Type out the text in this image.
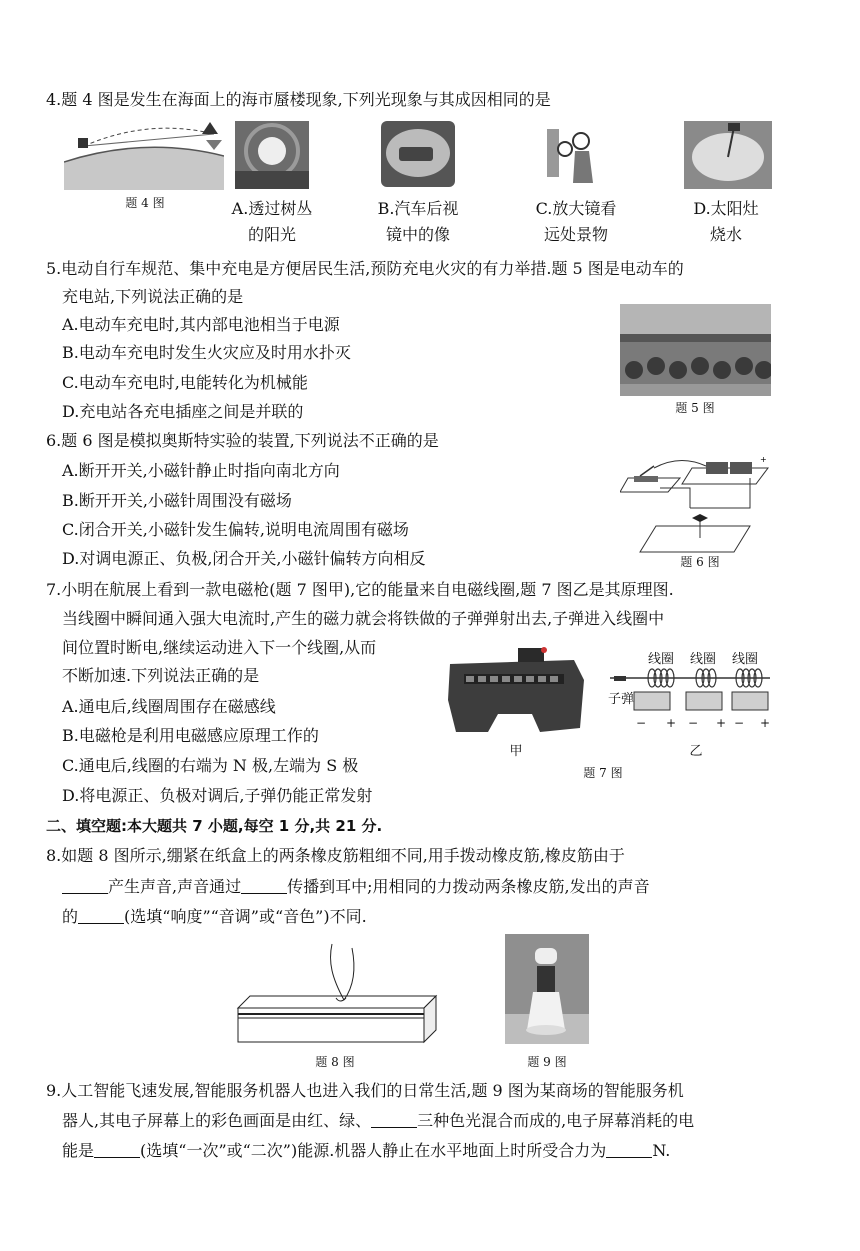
4.题 4 图是发生在海面上的海市蜃楼现象,下列光现象与其成因相同的是
题 4 图	A.透过树丛
的阳光
B.汽车后视
镜中的像
C.放大镜看
远处景物
D.太阳灶
烧水
5.电动自行车规范、集中充电是方便居民生活,预防充电火灾的有力举措.题 5 图是电动车的
充电站,下列说法正确的是
A.电动车充电时,其内部电池相当于电源
B.电动车充电时发生火灾应及时用水扑灭
C.电动车充电时,电能转化为机械能
D.充电站各充电插座之间是并联的	题 5 图
6.题 6 图是模拟奥斯特实验的装置,下列说法不正确的是
A.断开开关,小磁针静止时指向南北方向
B.断开开关,小磁针周围没有磁场
C.闭合开关,小磁针发生偏转,说明电流周围有磁场
D.对调电源正、负极,闭合开关,小磁针偏转方向相反
+
题 6 图
7.小明在航展上看到一款电磁枪(题 7 图甲),它的能量来自电磁线圈,题 7 图乙是其原理图.
当线圈中瞬间通入强大电流时,产生的磁力就会将铁做的子弹弹射出去,子弹进入线圈中
间位置时断电,继续运动进入下一个线圈,从而
不断加速.下列说法正确的是
A.通电后,线圈周围存在磁感线
B.电磁枪是利用电磁感应原理工作的
C.通电后,线圈的右端为 N 极,左端为 S 极
D.将电源正、负极对调后,子弹仍能正常发射
线圈	线圈	线圈
子弹
− + − + − +
甲	乙
题 7 图
二、填空题:本大题共 7 小题,每空 1 分,共 21 分.
8.如题 8 图所示,绷紧在纸盒上的两条橡皮筋粗细不同,用手拨动橡皮筋,橡皮筋由于
产生声音,声音通过	传播到耳中;用相同的力拨动两条橡皮筋,发出的声音
的	(选填“响度”“音调”或“音色”)不同.
题 8 图	题 9 图
9.人工智能飞速发展,智能服务机器人也进入我们的日常生活,题 9 图为某商场的智能服务机
器人,其电子屏幕上的彩色画面是由红、绿、	三种色光混合而成的,电子屏幕消耗的电
能是	(选填“一次”或“二次”)能源.机器人静止在水平地面上时所受合力为	N.
